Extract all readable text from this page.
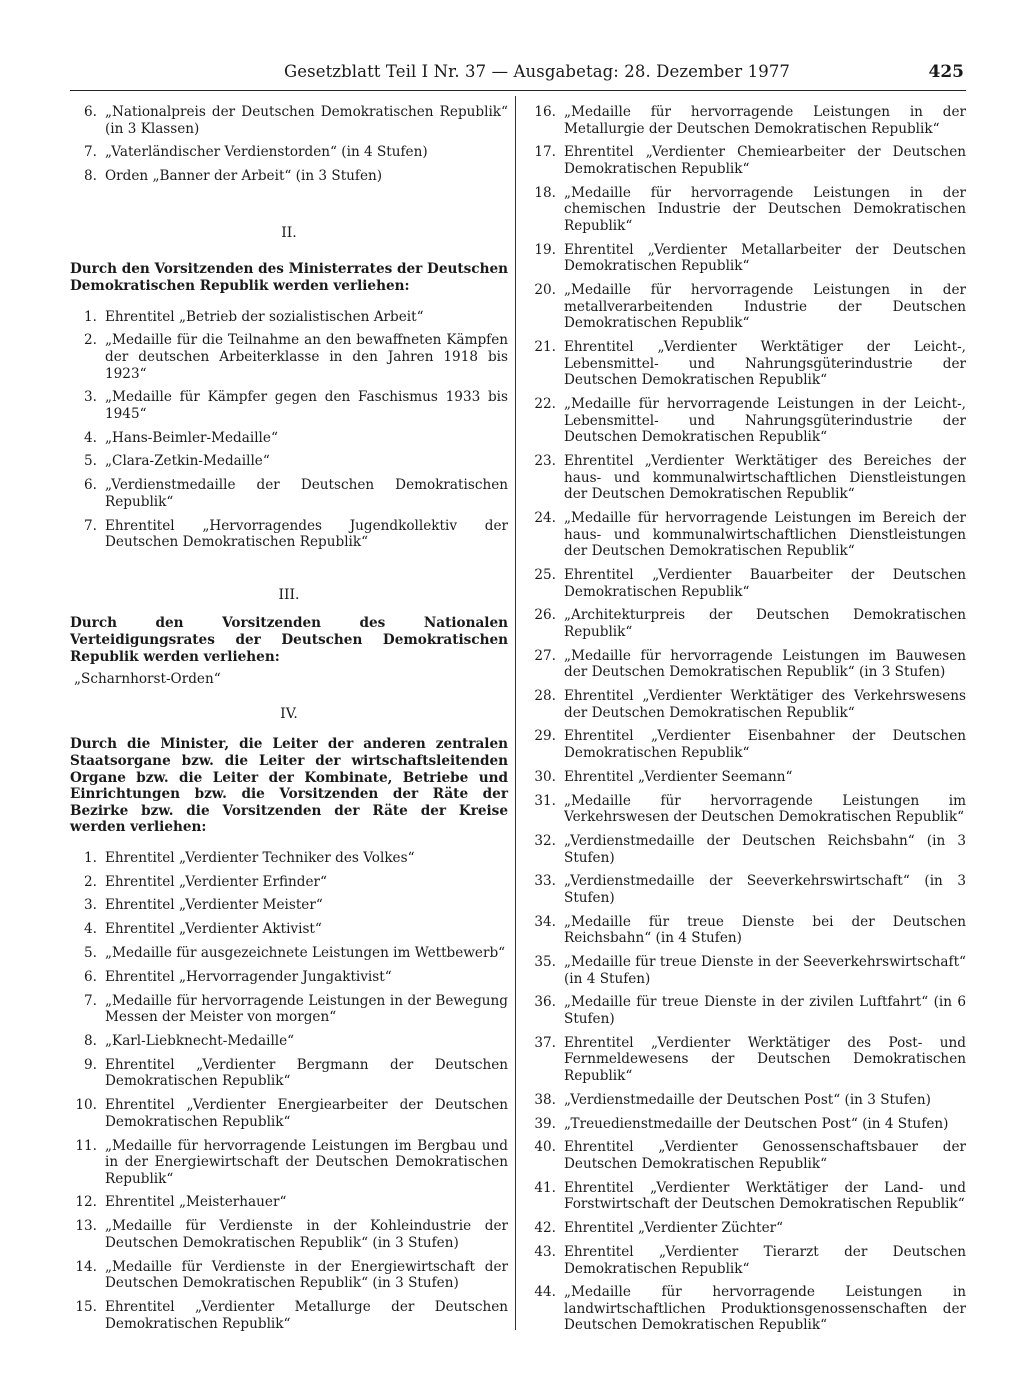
Gesetzblatt Teil I Nr. 37 — Ausgabetag: 28. Dezember 1977	425
6. „Nationalpreis der Deutschen Demokratischen Republik“ (in 3 Klassen)
7. „Vaterländischer Verdienstorden“ (in 4 Stufen)
8. Orden „Banner der Arbeit“ (in 3 Stufen)

II.

Durch den Vorsitzenden des Ministerrates der Deutschen Demokratischen Republik werden verliehen:

1. Ehrentitel „Betrieb der sozialistischen Arbeit“
2. „Medaille für die Teilnahme an den bewaffneten Kämpfen der deutschen Arbeiterklasse in den Jahren 1918 bis 1923“
3. „Medaille für Kämpfer gegen den Faschismus 1933 bis 1945“
4. „Hans-Beimler-Medaille“
5. „Clara-Zetkin-Medaille“
6. „Verdienstmedaille der Deutschen Demokratischen Republik“
7. Ehrentitel „Hervorragendes Jugendkollektiv der Deutschen Demokratischen Republik“

III.

Durch den Vorsitzenden des Nationalen Verteidigungsrates der Deutschen Demokratischen Republik werden verliehen:

„Scharnhorst-Orden“

IV.

Durch die Minister, die Leiter der anderen zentralen Staatsorgane bzw. die Leiter der wirtschaftsleitenden Organe bzw. die Leiter der Kombinate, Betriebe und Einrichtungen bzw. die Vorsitzenden der Räte der Bezirke bzw. die Vorsitzenden der Räte der Kreise werden verliehen:

1. Ehrentitel „Verdienter Techniker des Volkes“
2. Ehrentitel „Verdienter Erfinder“
3. Ehrentitel „Verdienter Meister“
4. Ehrentitel „Verdienter Aktivist“
5. „Medaille für ausgezeichnete Leistungen im Wettbewerb“
6. Ehrentitel „Hervorragender Jungaktivist“
7. „Medaille für hervorragende Leistungen in der Bewegung Messen der Meister von morgen“
8. „Karl-Liebknecht-Medaille“
9. Ehrentitel „Verdienter Bergmann der Deutschen Demokratischen Republik“
10. Ehrentitel „Verdienter Energiearbeiter der Deutschen Demokratischen Republik“
11. „Medaille für hervorragende Leistungen im Bergbau und in der Energiewirtschaft der Deutschen Demokratischen Republik“
12. Ehrentitel „Meisterhauer“
13. „Medaille für Verdienste in der Kohleindustrie der Deutschen Demokratischen Republik“ (in 3 Stufen)
14. „Medaille für Verdienste in der Energiewirtschaft der Deutschen Demokratischen Republik“ (in 3 Stufen)
15. Ehrentitel „Verdienter Metallurge der Deutschen Demokratischen Republik“
16. „Medaille für hervorragende Leistungen in der Metallurgie der Deutschen Demokratischen Republik“
17. Ehrentitel „Verdienter Chemiearbeiter der Deutschen Demokratischen Republik“
18. „Medaille für hervorragende Leistungen in der chemischen Industrie der Deutschen Demokratischen Republik“
19. Ehrentitel „Verdienter Metallarbeiter der Deutschen Demokratischen Republik“
20. „Medaille für hervorragende Leistungen in der metallverarbeitenden Industrie der Deutschen Demokratischen Republik“
21. Ehrentitel „Verdienter Werktätiger der Leicht-, Lebensmittel- und Nahrungsgüterindustrie der Deutschen Demokratischen Republik“
22. „Medaille für hervorragende Leistungen in der Leicht-, Lebensmittel- und Nahrungsgüterindustrie der Deutschen Demokratischen Republik“
23. Ehrentitel „Verdienter Werktätiger des Bereiches der haus- und kommunalwirtschaftlichen Dienstleistungen der Deutschen Demokratischen Republik“
24. „Medaille für hervorragende Leistungen im Bereich der haus- und kommunalwirtschaftlichen Dienstleistungen der Deutschen Demokratischen Republik“
25. Ehrentitel „Verdienter Bauarbeiter der Deutschen Demokratischen Republik“
26. „Architekturpreis der Deutschen Demokratischen Republik“
27. „Medaille für hervorragende Leistungen im Bauwesen der Deutschen Demokratischen Republik“ (in 3 Stufen)
28. Ehrentitel „Verdienter Werktätiger des Verkehrswesens der Deutschen Demokratischen Republik“
29. Ehrentitel „Verdienter Eisenbahner der Deutschen Demokratischen Republik“
30. Ehrentitel „Verdienter Seemann“
31. „Medaille für hervorragende Leistungen im Verkehrswesen der Deutschen Demokratischen Republik“
32. „Verdienstmedaille der Deutschen Reichsbahn“ (in 3 Stufen)
33. „Verdienstmedaille der Seeverkehrswirtschaft“ (in 3 Stufen)
34. „Medaille für treue Dienste bei der Deutschen Reichsbahn“ (in 4 Stufen)
35. „Medaille für treue Dienste in der Seeverkehrswirtschaft“ (in 4 Stufen)
36. „Medaille für treue Dienste in der zivilen Luftfahrt“ (in 6 Stufen)
37. Ehrentitel „Verdienter Werktätiger des Post- und Fernmeldewesens der Deutschen Demokratischen Republik“
38. „Verdienstmedaille der Deutschen Post“ (in 3 Stufen)
39. „Treuedienstmedaille der Deutschen Post“ (in 4 Stufen)
40. Ehrentitel „Verdienter Genossenschaftsbauer der Deutschen Demokratischen Republik“
41. Ehrentitel „Verdienter Werktätiger der Land- und Forstwirtschaft der Deutschen Demokratischen Republik“
42. Ehrentitel „Verdienter Züchter“
43. Ehrentitel „Verdienter Tierarzt der Deutschen Demokratischen Republik“
44. „Medaille für hervorragende Leistungen in landwirtschaftlichen Produktionsgenossenschaften der Deutschen Demokratischen Republik“
